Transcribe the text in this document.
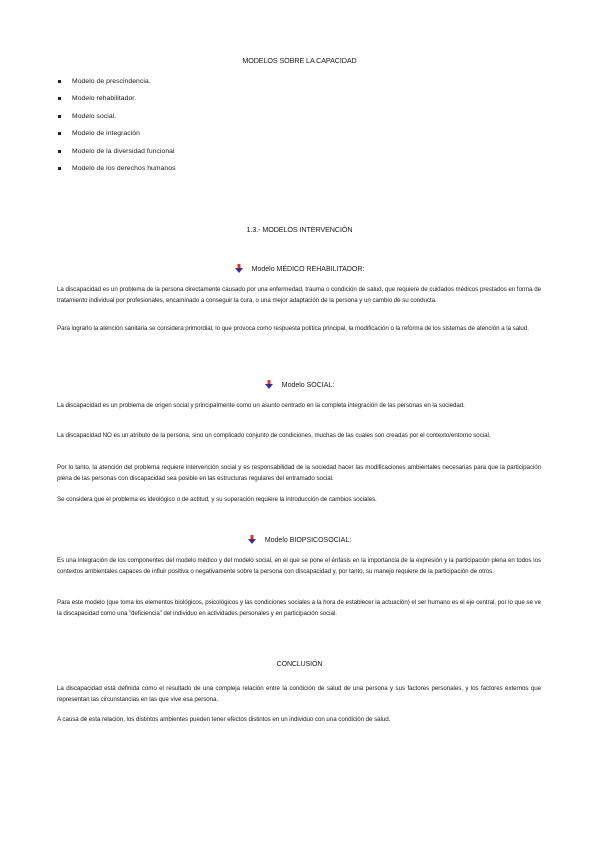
MODELOS SOBRE LA CAPACIDAD
Modelo de prescindencia.
Modelo rehabilitador.
Modelo social.
Modelo de integración
Modelo de la diversidad funcional
Modelo de los derechos humanos
1.3.- MODELOS INTERVENCIÓN
Modelo MÉDICO REHABILITADOR:

La discapacidad es un problema de la persona directamente causado por una enfermedad, trauma o condición de salud, que requiere de cuidados médicos prestados en forma de tratamiento individual por profesionales, encaminado a conseguir la cura, o una mejor adaptación de la persona y un cambio de su conducta.

Para lograrlo la atención sanitaria se considera primordial, lo que provoca como respuesta política principal, la modificación o la reforma de los sistemas de atención a la salud.

Modelo SOCIAL:

La discapacidad es un problema de origen social y principalmente como un asunto centrado en la completa integración de las personas en la sociedad.

La discapacidad NO es un atributo de la persona, sino un complicado conjunto de condiciones, muchas de las cuales son creadas por el contexto/entorno social.

Por lo tanto, la atención del problema requiere intervención social y es responsabilidad de la sociedad hacer las modificaciones ambientales necesarias para que la participación plena de las personas con discapacidad sea posible en las estructuras regulares del entramado social.

Se considera que el problema es ideológico o de actitud, y su superación requiere la introducción de cambios sociales.

Modelo BIOPSICOSOCIAL:

Es una integración de los componentes del modelo médico y del modelo social, en el que se pone el énfasis en la importancia de la expresión y la participación plena en todos los contextos ambientales capaces de influir positiva o negativamente sobre la persona con discapacidad y, por tanto, su manejo requiere de la participación de otros.

Para este modelo (que toma los elementos biológicos, psicológicos y las condiciones sociales a la hora de establecer la actuación) el ser humano es el eje central, por lo que se ve la discapacidad como una “deficiencia” del individuo en actividades personales y en participación social.

CONCLUSIÓN

La discapacidad está definida como el resultado de una compleja relación entre la condición de salud de una persona y sus factores personales, y los factores externos que representan las circunstancias en las que vive esa persona.

A causa de esta relación, los distintos ambientes pueden tener efectos distintos en un individuo con una condición de salud.
